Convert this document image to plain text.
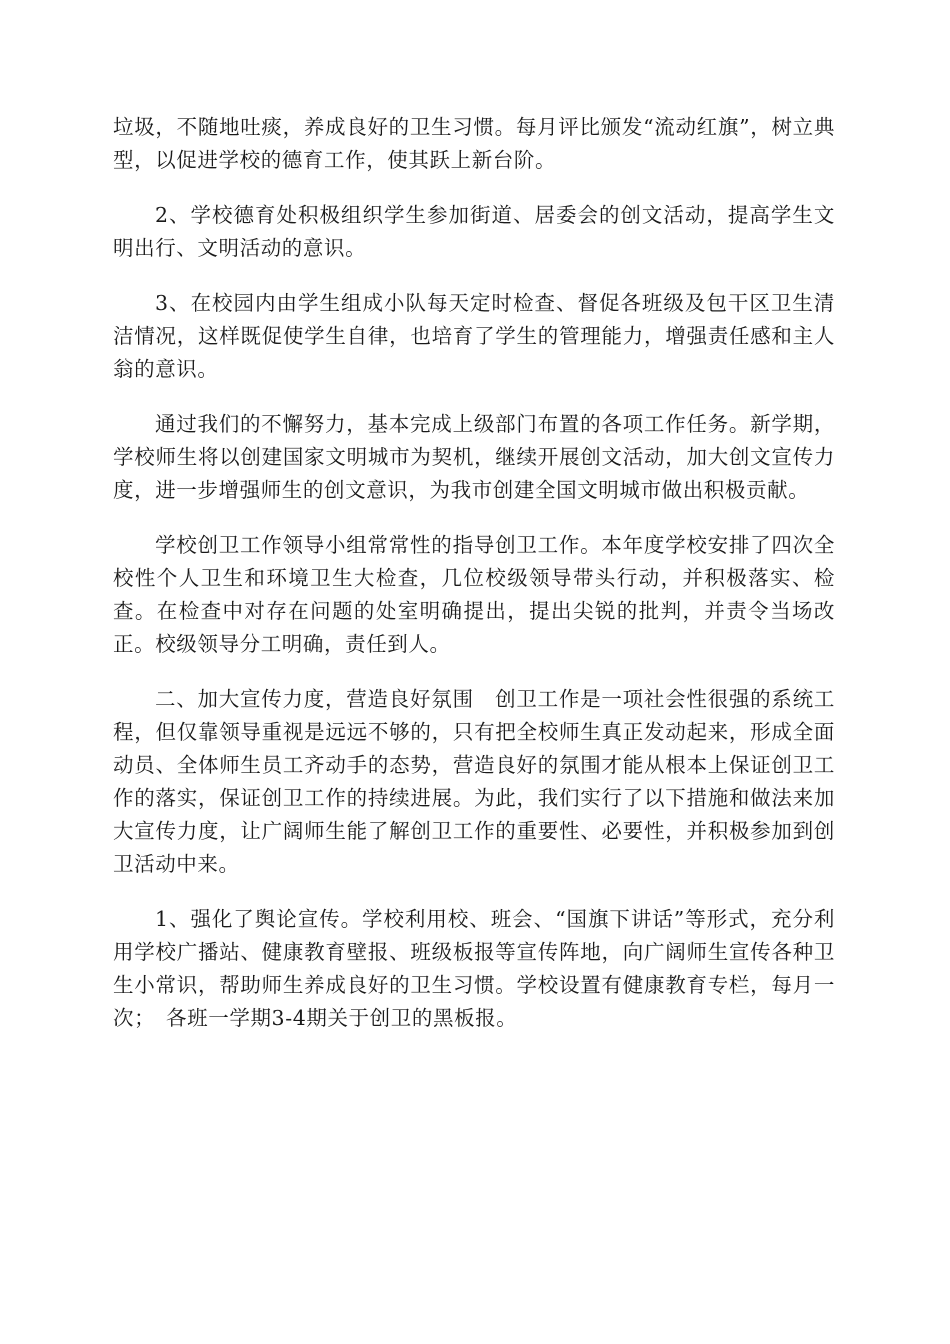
垃圾，不随地吐痰，养成良好的卫生习惯。每月评比颁发“流动红旗”，树立典型，以促进学校的德育工作，使其跃上新台阶。

2、学校德育处积极组织学生参加街道、居委会的创文活动，提高学生文明出行、文明活动的意识。

3、在校园内由学生组成小队每天定时检查、督促各班级及包干区卫生清洁情况，这样既促使学生自律，也培育了学生的管理能力，增强责任感和主人翁的意识。

通过我们的不懈努力，基本完成上级部门布置的各项工作任务。新学期，学校师生将以创建国家文明城市为契机，继续开展创文活动，加大创文宣传力度，进一步增强师生的创文意识，为我市创建全国文明城市做出积极贡献。

学校创卫工作领导小组常常性的指导创卫工作。本年度学校安排了四次全校性个人卫生和环境卫生大检查，几位校级领导带头行动，并积极落实、检查。在检查中对存在问题的处室明确提出，提出尖锐的批判，并责令当场改正。校级领导分工明确，责任到人。

二、加大宣传力度，营造良好氛围　创卫工作是一项社会性很强的系统工程，但仅靠领导重视是远远不够的，只有把全校师生真正发动起来，形成全面动员、全体师生员工齐动手的态势，营造良好的氛围才能从根本上保证创卫工作的落实，保证创卫工作的持续进展。为此，我们实行了以下措施和做法来加大宣传力度，让广阔师生能了解创卫工作的重要性、必要性，并积极参加到创卫活动中来。

1、强化了舆论宣传。学校利用校、班会、“国旗下讲话”等形式，充分利用学校广播站、健康教育壁报、班级板报等宣传阵地，向广阔师生宣传各种卫生小常识，帮助师生养成良好的卫生习惯。学校设置有健康教育专栏，每月一次；　各班一学期3-4期关于创卫的黑板报。
